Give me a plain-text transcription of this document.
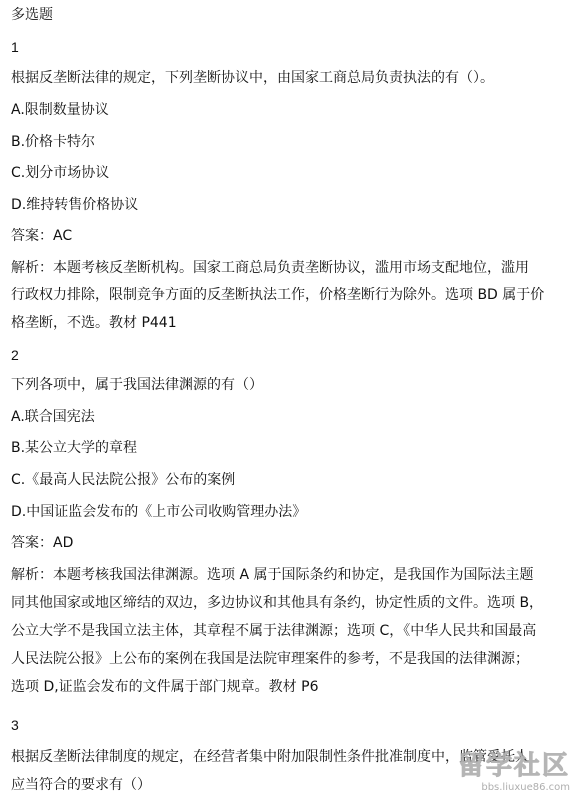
多选题
1
根据反垄断法律的规定，下列垄断协议中，由国家工商总局负责执法的有（）。
A.限制数量协议
B.价格卡特尔
C.划分市场协议
D.维持转售价格协议
答案：AC
解析：本题考核反垄断机构。国家工商总局负责垄断协议，滥用市场支配地位，滥用
行政权力排除，限制竞争方面的反垄断执法工作，价格垄断行为除外。选项 BD 属于价
格垄断，不选。教材 P441
2
下列各项中，属于我国法律渊源的有（）
A.联合国宪法
B.某公立大学的章程
C.《最高人民法院公报》公布的案例
D.中国证监会发布的《上市公司收购管理办法》
答案：AD
解析：本题考核我国法律渊源。选项 A 属于国际条约和协定，是我国作为国际法主题
同其他国家或地区缔结的双边，多边协议和其他具有条约，协定性质的文件。选项 B，
公立大学不是我国立法主体，其章程不属于法律渊源；选项 C，《中华人民共和国最高
人民法院公报》上公布的案例在我国是法院审理案件的参考，不是我国的法律渊源；
选项 D,证监会发布的文件属于部门规章。教材 P6
3
根据反垄断法律制度的规定，在经营者集中附加限制性条件批准制度中，监管受托人
应当符合的要求有（）
留学社区
bbs.liuxue86.com
